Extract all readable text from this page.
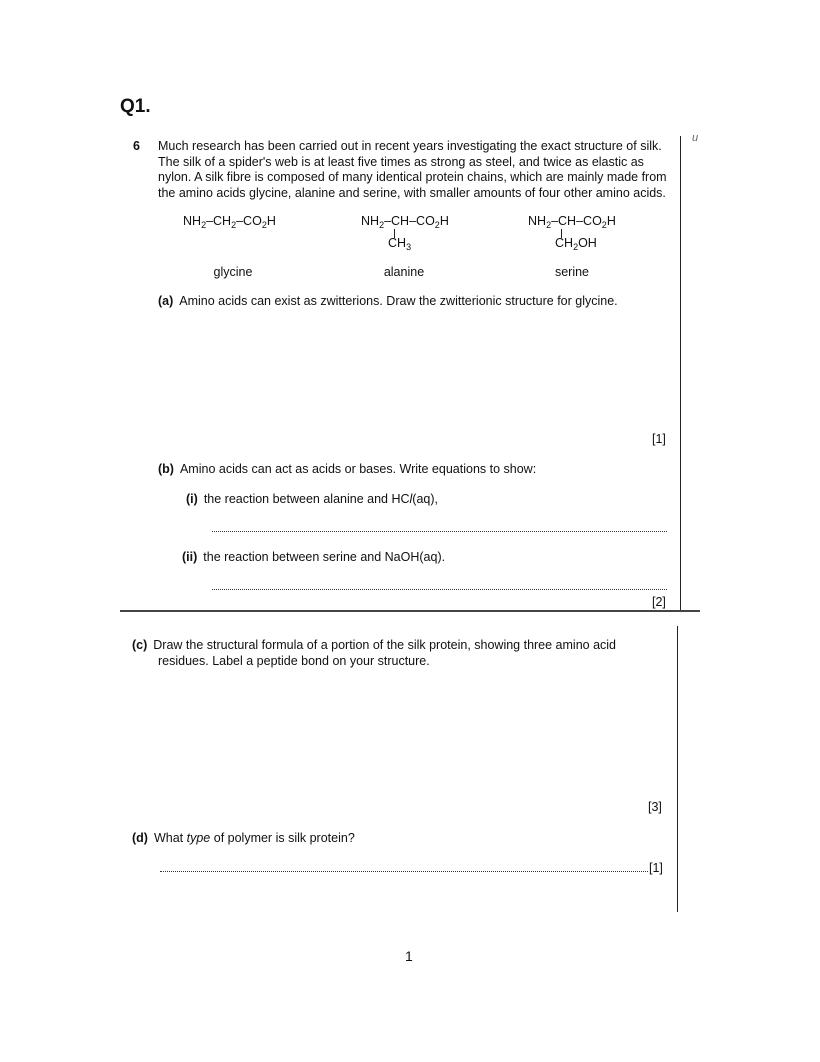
Q1.
u
6 Much research has been carried out in recent years investigating the exact structure of silk.
The silk of a spider's web is at least five times as strong as steel, and twice as elastic as
nylon. A silk fibre is composed of many identical protein chains, which are mainly made from
the amino acids glycine, alanine and serine, with smaller amounts of four other amino acids.
$NH_2-CH_2-CO_2H$	$NH_2-CH-CO_2H$
$CH_3$
$NH_2-CH-CO_2H$
$CH_2OH$
glycine	alanine	serine
(a) Amino acids can exist as zwitterions. Draw the zwitterionic structure for glycine.
[1]
(b) Amino acids can act as acids or bases. Write equations to show:
(i) the reaction between alanine and HCl(aq),
(ii) the reaction between serine and NaOH(aq).
[2]
(c) Draw the structural formula of a portion of the silk protein, showing three amino acid
residues. Label a peptide bond on your structure.
[3]
(d) What type of polymer is silk protein?
[1]
1
